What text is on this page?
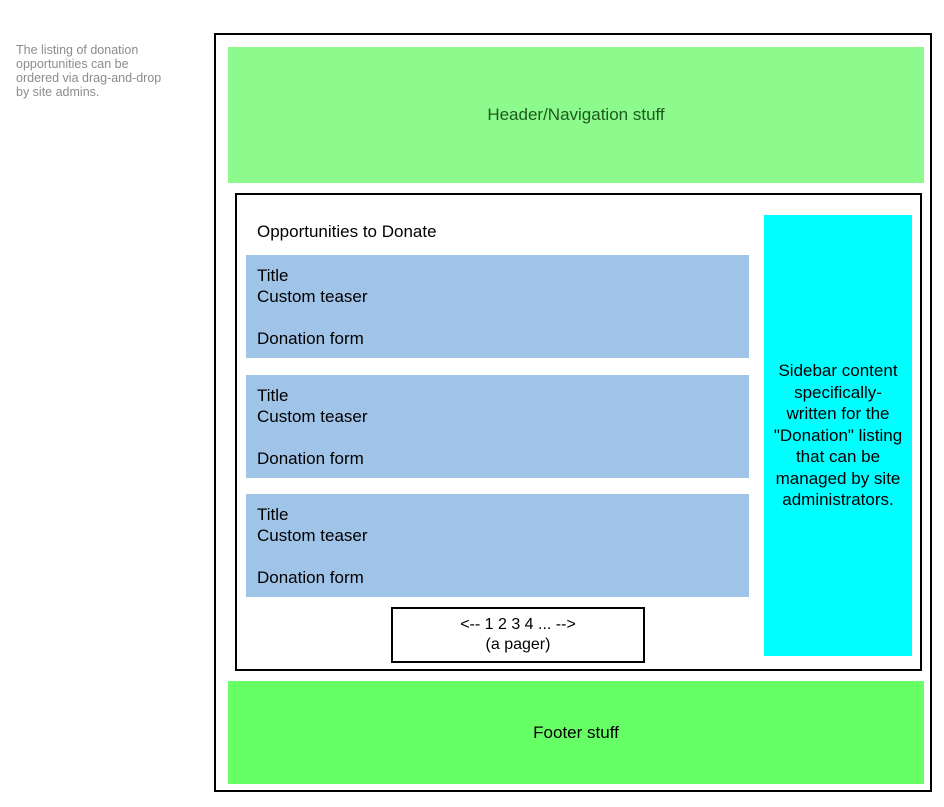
The listing of donation
opportunities can be
ordered via drag-and-drop
by site admins.
Header/Navigation stuff
Opportunities to Donate
Title
Custom teaser
Donation form
Title
Custom teaser
Donation form
Title
Custom teaser
Donation form
<-- 1 2 3 4 ... -->
(a pager)
Sidebar content specifically-written for the "Donation" listing that can be managed by site administrators.
Footer stuff
